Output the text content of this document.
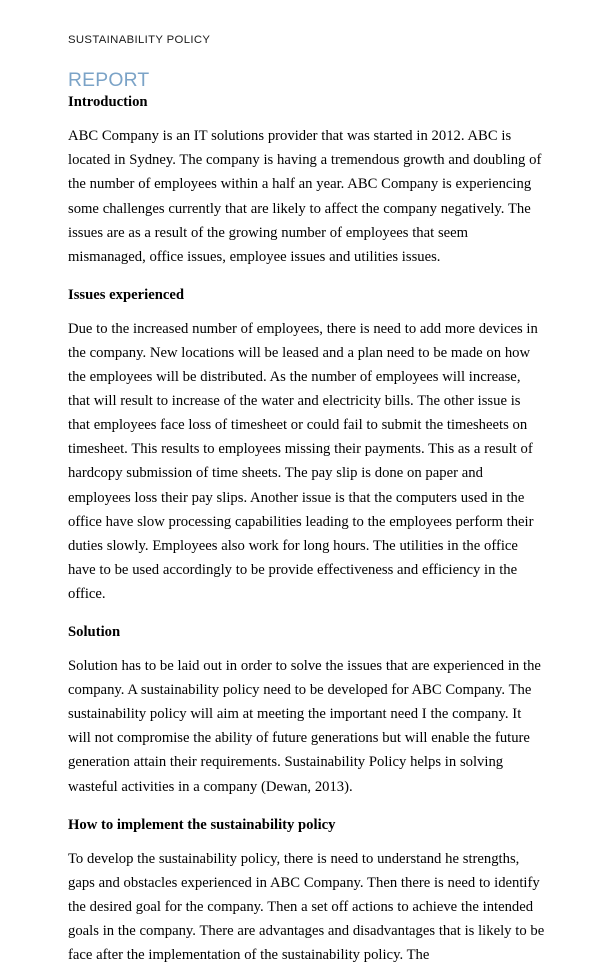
SUSTAINABILITY POLICY
REPORT
Introduction

ABC Company is an IT solutions provider that was started in 2012. ABC is located in Sydney. The company is having a tremendous growth and doubling of the number of employees within a half an year. ABC Company is experiencing some challenges currently that are likely to affect the company negatively. The issues are as a result of the growing number of employees that seem mismanaged, office issues, employee issues and utilities issues.

Issues experienced

Due to the increased number of employees, there is need to add more devices in the company. New locations will be leased and a plan need to be made on how the employees will be distributed. As the number of employees will increase, that will result to increase of the water and electricity bills. The other issue is that employees face loss of timesheet or could fail to submit the timesheets on timesheet. This results to employees missing their payments. This as a result of hardcopy submission of time sheets. The pay slip is done on paper and employees loss their pay slips. Another issue is that the computers used in the office have slow processing capabilities leading to the employees perform their duties slowly. Employees also work for long hours. The utilities in the office have to be used accordingly to be provide effectiveness and efficiency in the office.

Solution

Solution has to be laid out in order to solve the issues that are experienced in the company. A sustainability policy need to be developed for ABC Company. The sustainability policy will aim at meeting the important need I the company. It will not compromise the ability of future generations but will enable the future generation attain their requirements. Sustainability Policy helps in solving wasteful activities in a company (Dewan, 2013).

How to implement the sustainability policy

To develop the sustainability policy, there is need to understand he strengths, gaps and obstacles experienced in ABC Company. Then there is need to identify the desired goal for the company. Then a set off actions to achieve the intended goals in the company. There are advantages and disadvantages that is likely to be face after the implementation of the sustainability policy. The
